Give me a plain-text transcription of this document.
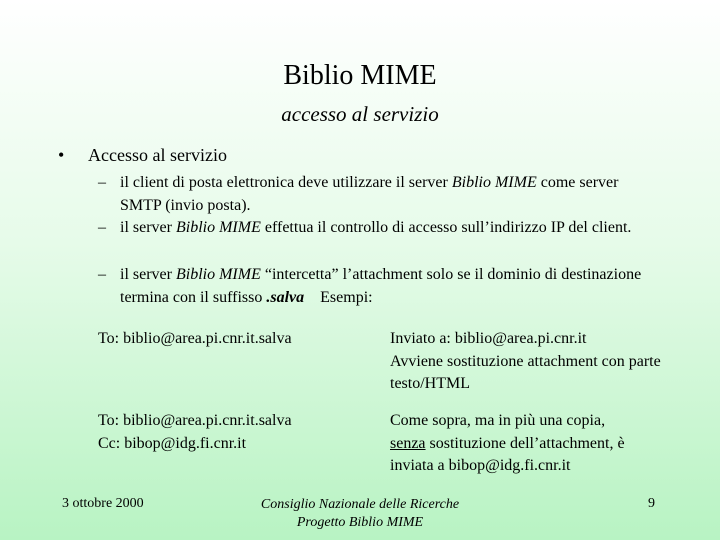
Biblio MIME
accesso al servizio
• Accesso al servizio
– il client di posta elettronica deve utilizzare il server Biblio MIME come server SMTP (invio posta).
– il server Biblio MIME effettua il controllo di accesso sull’indirizzo IP del client.
– il server Biblio MIME “intercetta” l’attachment solo se il dominio di destinazione termina con il suffisso .salva    Esempi:
To: biblio@area.pi.cnr.it.salva	Inviato a: biblio@area.pi.cnr.it
Avviene sostituzione attachment con parte testo/HTML
To: biblio@area.pi.cnr.it.salva
Cc: bibop@idg.fi.cnr.it
Come sopra, ma in più una copia,
senza sostituzione dell’attachment, è inviata a bibop@idg.fi.cnr.it
3 ottobre 2000	Consiglio Nazionale delle Ricerche
Progetto Biblio MIME
9
